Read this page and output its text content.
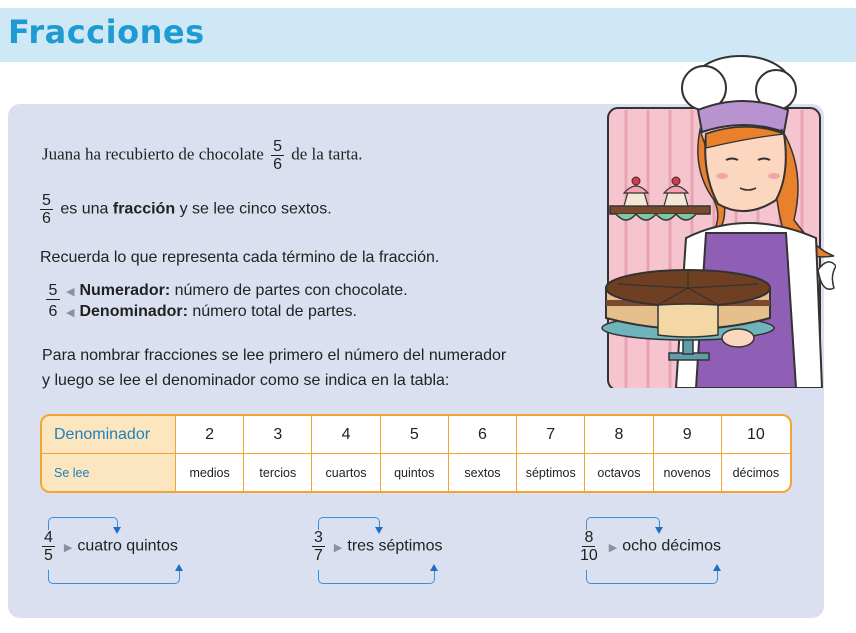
Fracciones
Juana ha recubierto de chocolate $\frac{5}{6}$ de la tarta.
$\frac{5}{6}$ es una fracción y se lee cinco sextos.
Recuerda lo que representa cada término de la fracción.
5 ◀ Numerador: número de partes con chocolate.
6 ◀ Denominador: número total de partes.
Para nombrar fracciones se lee primero el número del numerador
y luego se lee el denominador como se indica en la tabla:
Denominador	2	3	4	5	6	7	8	9	10
Se lee	medios	tercios	cuartos	quintos	sextos	séptimos	octavos	novenos	décimos
$\frac{4}{5}$ ▶ cuatro quintos	$\frac{3}{7}$ ▶ tres séptimos	$\frac{8}{10}$ ▶ ocho décimos
